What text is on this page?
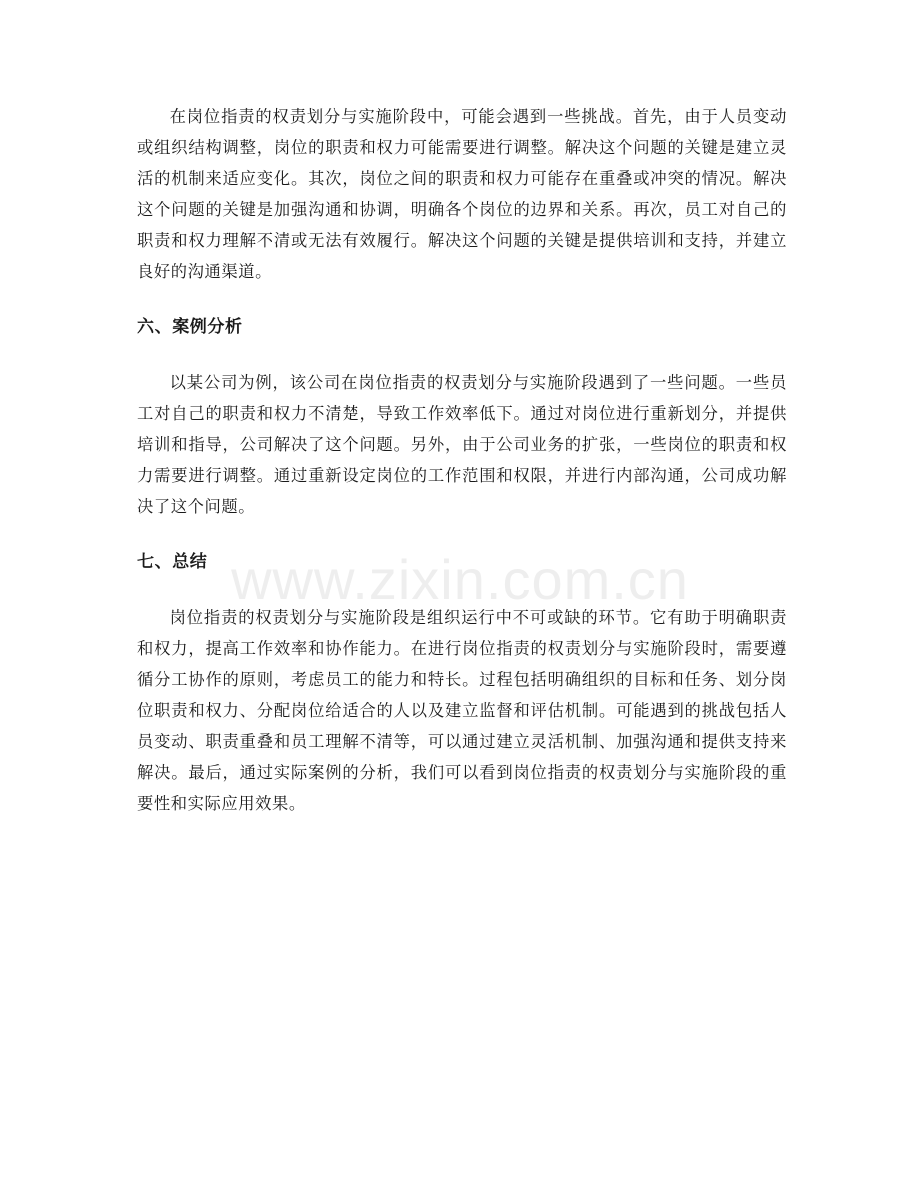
在岗位指责的权责划分与实施阶段中，可能会遇到一些挑战。首先，由于人员变动或组织结构调整，岗位的职责和权力可能需要进行调整。解决这个问题的关键是建立灵活的机制来适应变化。其次，岗位之间的职责和权力可能存在重叠或冲突的情况。解决这个问题的关键是加强沟通和协调，明确各个岗位的边界和关系。再次，员工对自己的职责和权力理解不清或无法有效履行。解决这个问题的关键是提供培训和支持，并建立良好的沟通渠道。

六、案例分析

以某公司为例，该公司在岗位指责的权责划分与实施阶段遇到了一些问题。一些员工对自己的职责和权力不清楚，导致工作效率低下。通过对岗位进行重新划分，并提供培训和指导，公司解决了这个问题。另外，由于公司业务的扩张，一些岗位的职责和权力需要进行调整。通过重新设定岗位的工作范围和权限，并进行内部沟通，公司成功解决了这个问题。

七、总结

岗位指责的权责划分与实施阶段是组织运行中不可或缺的环节。它有助于明确职责和权力，提高工作效率和协作能力。在进行岗位指责的权责划分与实施阶段时，需要遵循分工协作的原则，考虑员工的能力和特长。过程包括明确组织的目标和任务、划分岗位职责和权力、分配岗位给适合的人以及建立监督和评估机制。可能遇到的挑战包括人员变动、职责重叠和员工理解不清等，可以通过建立灵活机制、加强沟通和提供支持来解决。最后，通过实际案例的分析，我们可以看到岗位指责的权责划分与实施阶段的重要性和实际应用效果。

www.zixin.com.cn
